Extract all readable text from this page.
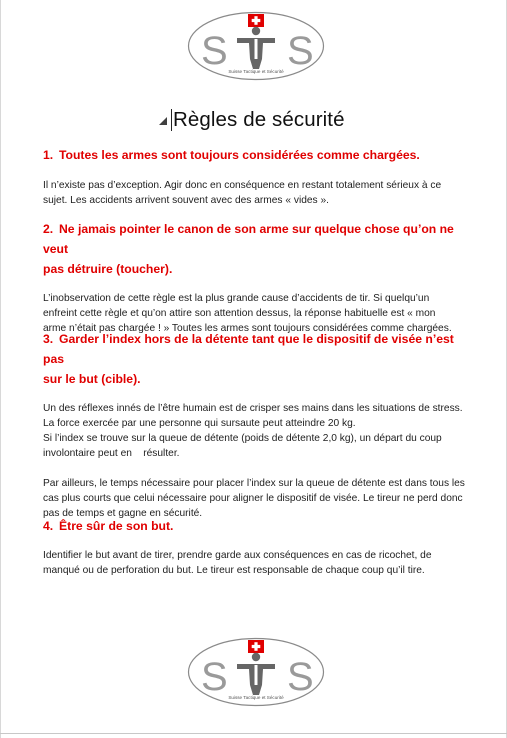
S S
Suisse Tactique et Sécurité
Règles de sécurité

1. Toutes les armes sont toujours considérées comme chargées.

Il n’existe pas d’exception. Agir donc en conséquence en restant totalement sérieux à ce
sujet. Les accidents arrivent souvent avec des armes « vides ».

2. Ne jamais pointer le canon de son arme sur quelque chose qu’on ne veut
pas détruire (toucher).

L’inobservation de cette règle est la plus grande cause d’accidents de tir. Si quelqu’un
enfreint cette règle et qu’on attire son attention dessus, la réponse habituelle est « mon
arme n’était pas chargée ! » Toutes les armes sont toujours considérées comme chargées.

3. Garder l’index hors de la détente tant que le dispositif de visée n’est pas
sur le but (cible).

Un des réflexes innés de l’être humain est de crisper ses mains dans les situations de stress.
La force exercée par une personne qui sursaute peut atteindre 20 kg.
Si l’index se trouve sur la queue de détente (poids de détente 2,0 kg), un départ du coup
involontaire peut en    résulter.

Par ailleurs, le temps nécessaire pour placer l’index sur la queue de détente est dans tous les
cas plus courts que celui nécessaire pour aligner le dispositif de visée. Le tireur ne perd donc
pas de temps et gagne en sécurité.

4. Être sûr de son but.

Identifier le but avant de tirer, prendre garde aux conséquences en cas de ricochet, de
manqué ou de perforation du but. Le tireur est responsable de chaque coup qu’il tire.

S S
Suisse Tactique et Sécurité
